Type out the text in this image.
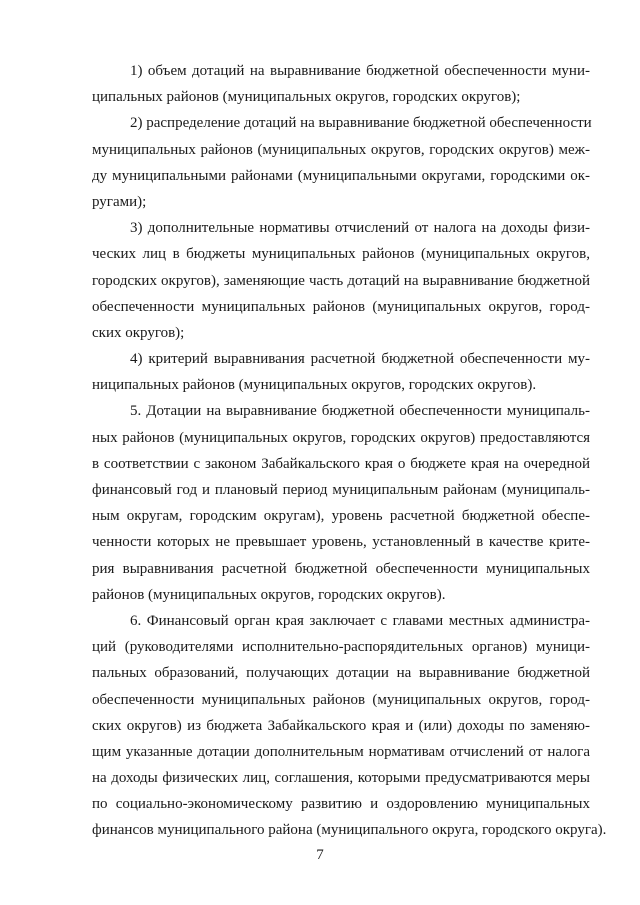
1) объем дотаций на выравнивание бюджетной обеспеченности муни-
ципальных районов (муниципальных округов, городских округов);
2) распределение дотаций на выравнивание бюджетной обеспеченности
муниципальных районов (муниципальных округов, городских округов) меж-
ду муниципальными районами (муниципальными округами, городскими ок-
ругами);
3) дополнительные нормативы отчислений от налога на доходы физи-
ческих лиц в бюджеты муниципальных районов (муниципальных округов,
городских округов), заменяющие часть дотаций на выравнивание бюджетной
обеспеченности муниципальных районов (муниципальных округов, город-
ских округов);
4) критерий выравнивания расчетной бюджетной обеспеченности му-
ниципальных районов (муниципальных округов, городских округов).
5. Дотации на выравнивание бюджетной обеспеченности муниципаль-
ных районов (муниципальных округов, городских округов) предоставляются
в соответствии с законом Забайкальского края о бюджете края на очередной
финансовый год и плановый период муниципальным районам (муниципаль-
ным округам, городским округам), уровень расчетной бюджетной обеспе-
ченности которых не превышает уровень, установленный в качестве крите-
рия выравнивания расчетной бюджетной обеспеченности муниципальных
районов (муниципальных округов, городских округов).
6. Финансовый орган края заключает с главами местных администра-
ций (руководителями исполнительно-распорядительных органов) муници-
пальных образований, получающих дотации на выравнивание бюджетной
обеспеченности муниципальных районов (муниципальных округов, город-
ских округов) из бюджета Забайкальского края и (или) доходы по заменяю-
щим указанные дотации дополнительным нормативам отчислений от налога
на доходы физических лиц, соглашения, которыми предусматриваются меры
по социально-экономическому развитию и оздоровлению муниципальных
финансов муниципального района (муниципального округа, городского округа).
7
